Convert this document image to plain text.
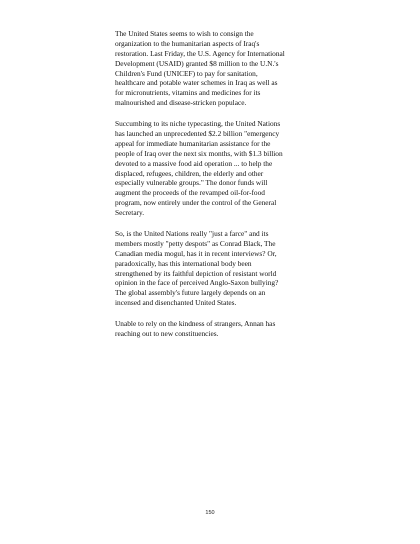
The United States seems to wish to consign the
organization to the humanitarian aspects of Iraq's
restoration. Last Friday, the U.S. Agency for International
Development (USAID) granted $8 million to the U.N.'s
Children's Fund (UNICEF) to pay for sanitation,
healthcare and potable water schemes in Iraq as well as
for micronutrients, vitamins and medicines for its
malnourished and disease-stricken populace.

Succumbing to its niche typecasting, the United Nations
has launched an unprecedented $2.2 billion "emergency
appeal for immediate humanitarian assistance for the
people of Iraq over the next six months, with $1.3 billion
devoted to a massive food aid operation ... to help the
displaced, refugees, children, the elderly and other
especially vulnerable groups." The donor funds will
augment the proceeds of the revamped oil-for-food
program, now entirely under the control of the General
Secretary.

So, is the United Nations really "just a farce" and its
members mostly "petty despots" as Conrad Black, The
Canadian media mogul, has it in recent interviews? Or,
paradoxically, has this international body been
strengthened by its faithful depiction of resistant world
opinion in the face of perceived Anglo-Saxon bullying?
The global assembly's future largely depends on an
incensed and disenchanted United States.

Unable to rely on the kindness of strangers, Annan has
reaching out to new constituencies.

150
